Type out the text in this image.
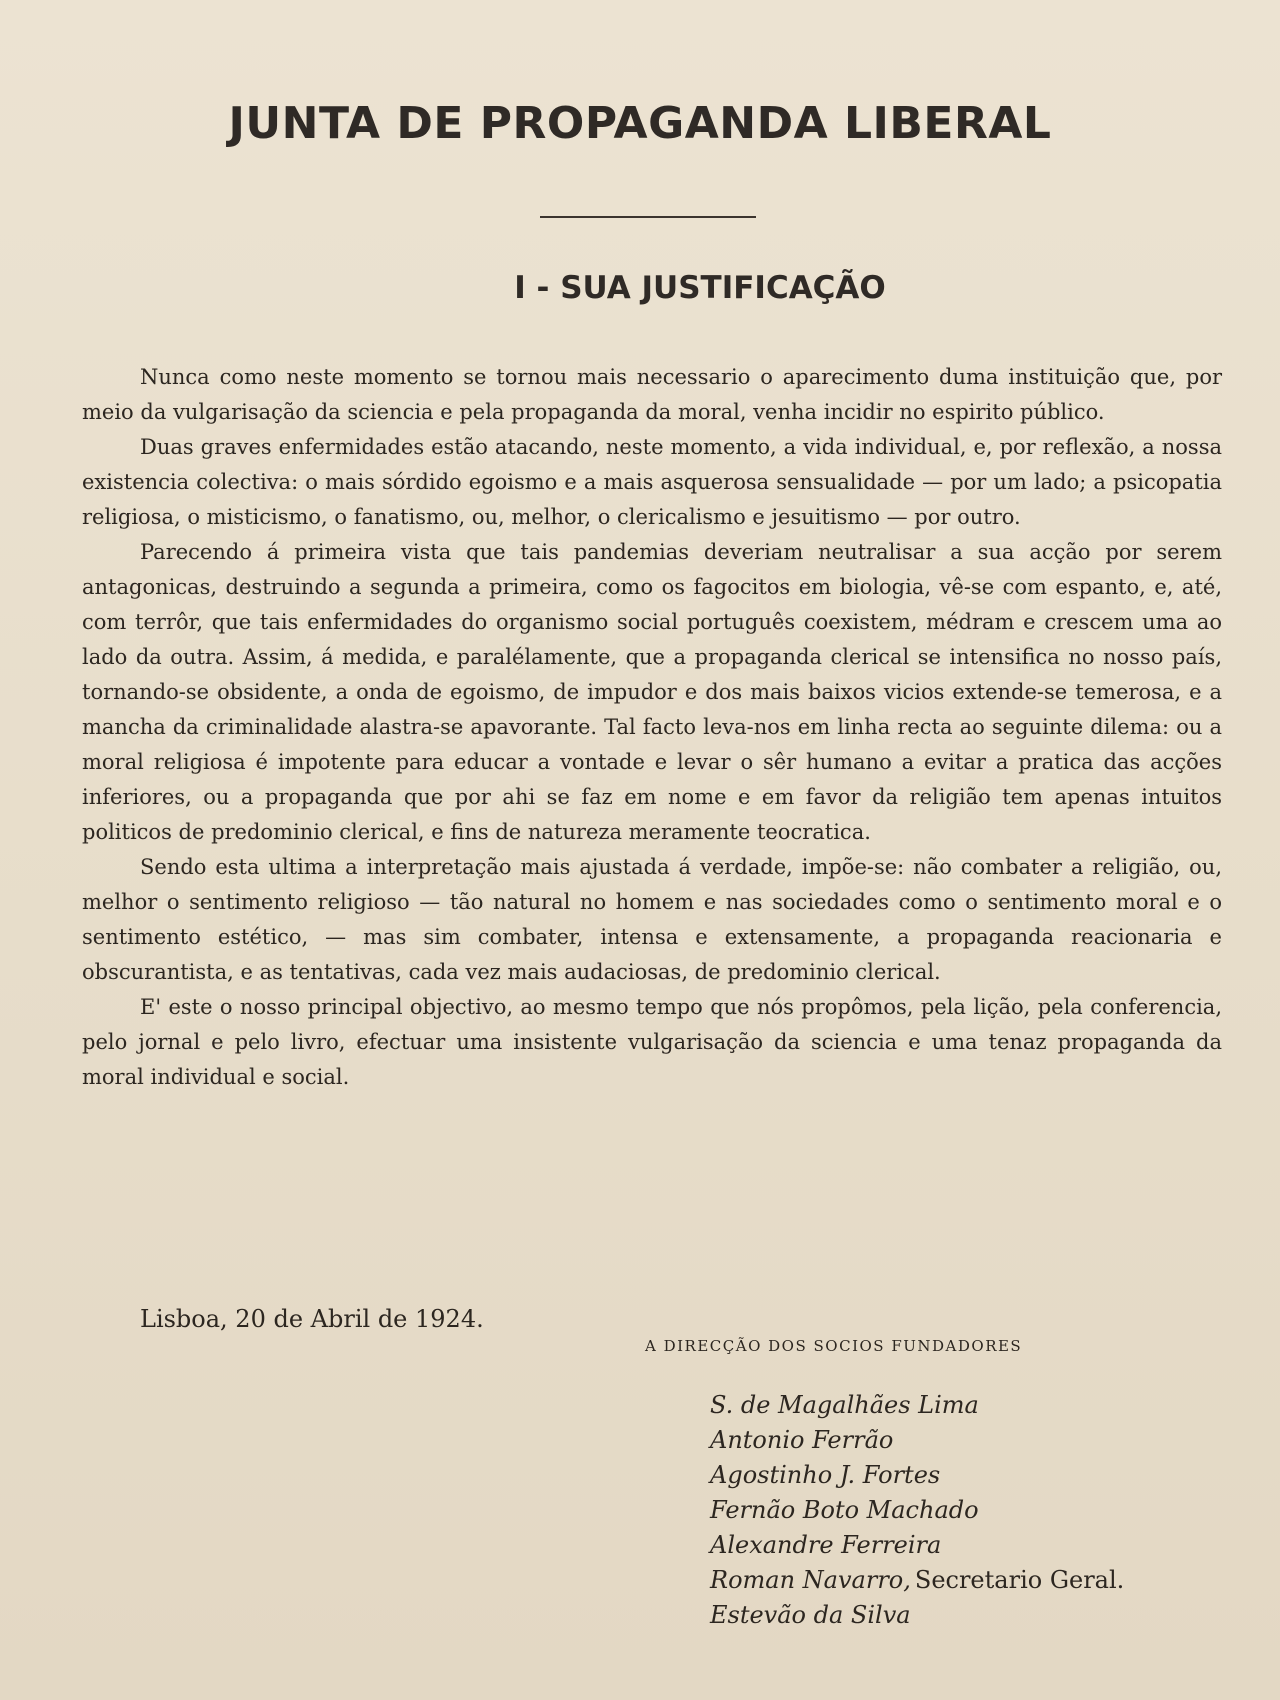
JUNTA DE PROPAGANDA LIBERAL
I - SUA JUSTIFICAÇÃO

Nunca como neste momento se tornou mais necessario o aparecimento duma instituição que, por meio da vulgarisação da sciencia e pela propaganda da moral, venha incidir no espirito público.

Duas graves enfermidades estão atacando, neste momento, a vida individual, e, por reflexão, a nossa existencia colectiva: o mais sórdido egoismo e a mais asquerosa sensualidade — por um lado; a psicopatia religiosa, o misticismo, o fanatismo, ou, melhor, o clericalismo e jesuitismo — por outro.

Parecendo á primeira vista que tais pandemias deveriam neutralisar a sua acção por serem antagonicas, destruindo a segunda a primeira, como os fagocitos em biologia, vê-se com espanto, e, até, com terrôr, que tais enfermidades do organismo social português coexistem, médram e crescem uma ao lado da outra. Assim, á medida, e paralélamente, que a propaganda clerical se intensifica no nosso país, tornando-se obsidente, a onda de egoismo, de impudor e dos mais baixos vicios extende-se temerosa, e a mancha da criminalidade alastra-se apavorante. Tal facto leva-nos em linha recta ao seguinte dilema: ou a moral religiosa é impotente para educar a vontade e levar o sêr humano a evitar a pratica das acções inferiores, ou a propaganda que por ahi se faz em nome e em favor da religião tem apenas intuitos politicos de predominio clerical, e fins de natureza meramente teocratica.

Sendo esta ultima a interpretação mais ajustada á verdade, impõe-se: não combater a religião, ou, melhor o sentimento religioso — tão natural no homem e nas sociedades como o sentimento moral e o sentimento estético, — mas sim combater, intensa e extensamente, a propaganda reacionaria e obscurantista, e as tentativas, cada vez mais audaciosas, de predominio clerical.

E' este o nosso principal objectivo, ao mesmo tempo que nós propômos, pela lição, pela conferencia, pelo jornal e pelo livro, efectuar uma insistente vulgarisação da sciencia e uma tenaz propaganda da moral individual e social.

Lisboa, 20 de Abril de 1924.
A DIRECÇÃO DOS SOCIOS FUNDADORES
S. de Magalhães Lima
Antonio Ferrão
Agostinho J. Fortes
Fernão Boto Machado
Alexandre Ferreira
Roman Navarro, Secretario Geral.
Estevão da Silva
